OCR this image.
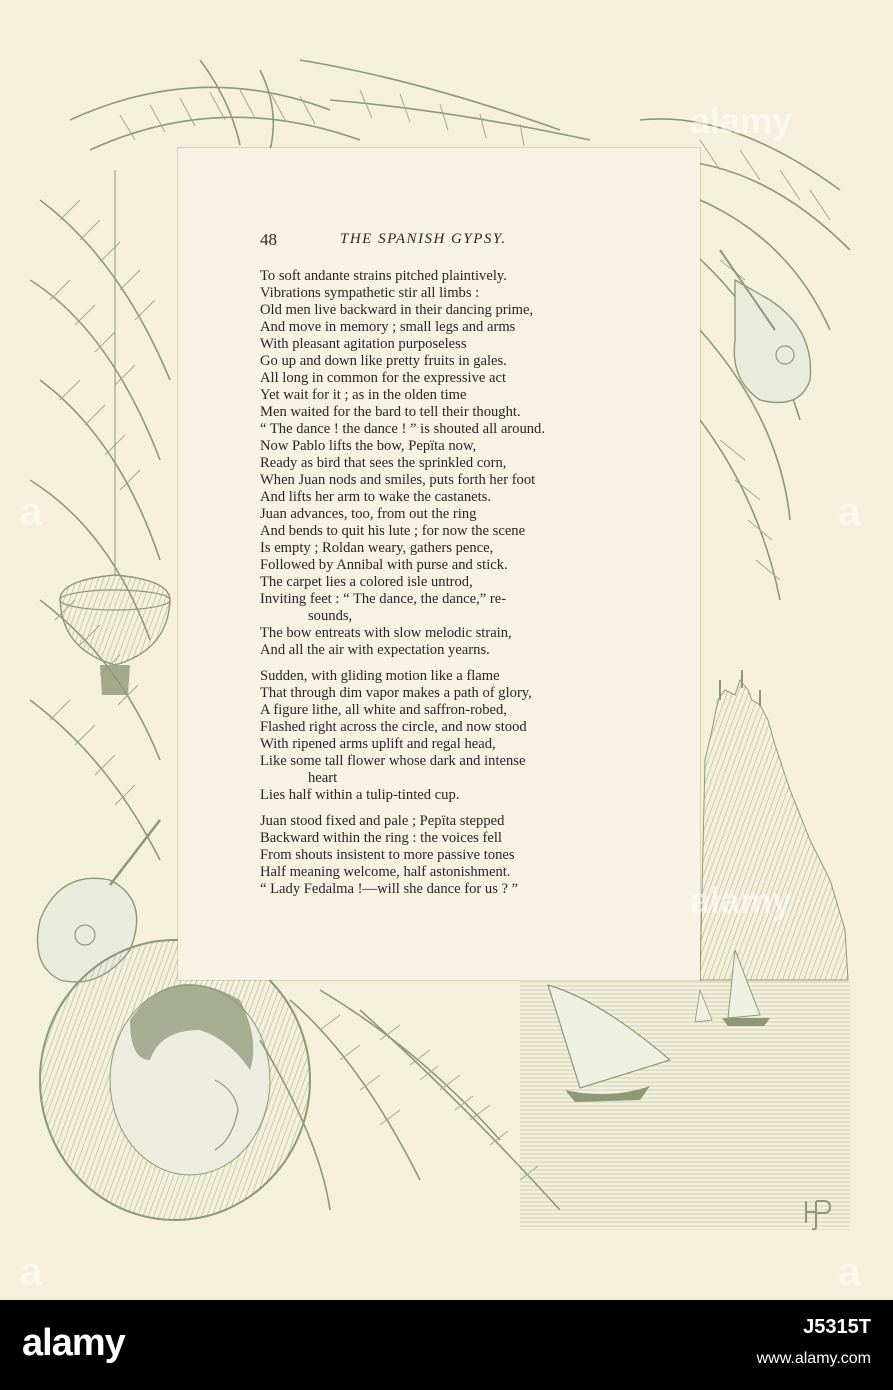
48	THE SPANISH GYPSY.
To soft andante strains pitched plaintively.
Vibrations sympathetic stir all limbs :
Old men live backward in their dancing prime,
And move in memory ; small legs and arms
With pleasant agitation purposeless
Go up and down like pretty fruits in gales.
All long in common for the expressive act
Yet wait for it ; as in the olden time
Men waited for the bard to tell their thought.
“ The dance ! the dance ! ” is shouted all around.
Now Pablo lifts the bow, Pepïta now,
Ready as bird that sees the sprinkled corn,
When Juan nods and smiles, puts forth her foot
And lifts her arm to wake the castanets.
Juan advances, too, from out the ring
And bends to quit his lute ; for now the scene
Is empty ; Roldan weary, gathers pence,
Followed by Annibal with purse and stick.
The carpet lies a colored isle untrod,
Inviting feet : “ The dance, the dance,” re-
sounds,
The bow entreats with slow melodic strain,
And all the air with expectation yearns.
Sudden, with gliding motion like a flame
That through dim vapor makes a path of glory,
A figure lithe, all white and saffron-robed,
Flashed right across the circle, and now stood
With ripened arms uplift and regal head,
Like some tall flower whose dark and intense
heart
Lies half within a tulip-tinted cup.
Juan stood fixed and pale ; Pepïta stepped
Backward within the ring : the voices fell
From shouts insistent to more passive tones
Half meaning welcome, half astonishment.
“ Lady Fedalma !—will she dance for us ? ”
a	a
a	a
alamy
alamy
alamy	J5315T
www.alamy.com
